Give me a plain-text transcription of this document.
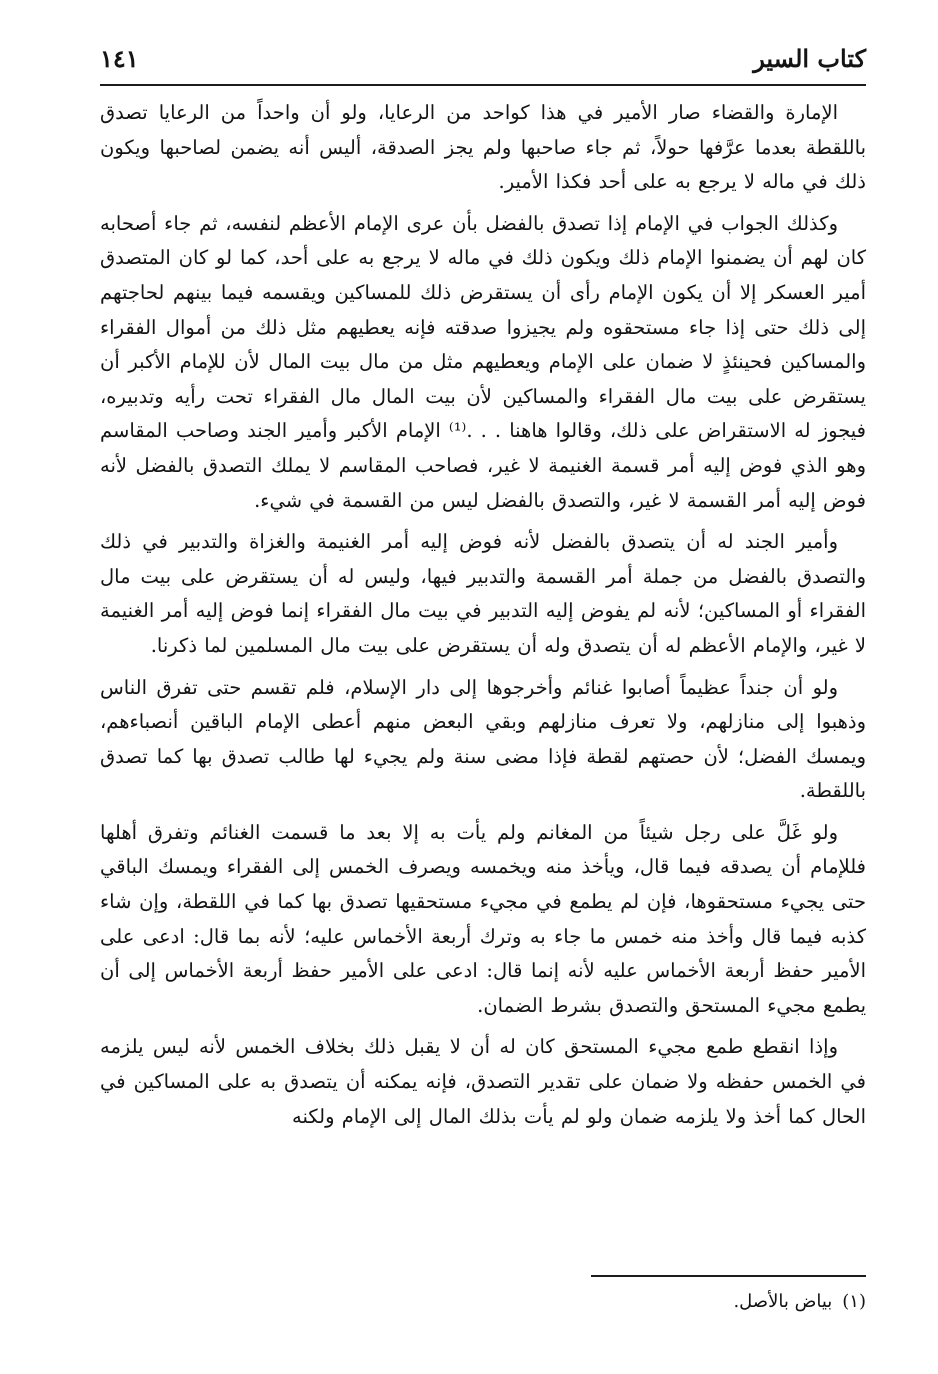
كتاب السير
١٤١

الإمارة والقضاء صار الأمير في هذا كواحد من الرعايا، ولو أن واحداً من الرعايا تصدق باللقطة بعدما عرَّفها حولاً، ثم جاء صاحبها ولم يجز الصدقة، أليس أنه يضمن لصاحبها ويكون ذلك في ماله لا يرجع به على أحد فكذا الأمير.

وكذلك الجواب في الإمام إذا تصدق بالفضل بأن عرى الإمام الأعظم لنفسه، ثم جاء أصحابه كان لهم أن يضمنوا الإمام ذلك ويكون ذلك في ماله لا يرجع به على أحد، كما لو كان المتصدق أمير العسكر إلا أن يكون الإمام رأى أن يستقرض ذلك للمساكين ويقسمه فيما بينهم لحاجتهم إلى ذلك حتى إذا جاء مستحقوه ولم يجيزوا صدقته فإنه يعطيهم مثل ذلك من أموال الفقراء والمساكين فحينئذٍ لا ضمان على الإمام ويعطيهم مثل من مال بيت المال لأن للإمام الأكبر أن يستقرض على بيت مال الفقراء والمساكين لأن بيت المال مال الفقراء تحت رأيه وتدبيره، فيجوز له الاستقراض على ذلك، وقالوا هاهنا . . .⁽¹⁾ الإمام الأكبر وأمير الجند وصاحب المقاسم وهو الذي فوض إليه أمر قسمة الغنيمة لا غير، فصاحب المقاسم لا يملك التصدق بالفضل لأنه فوض إليه أمر القسمة لا غير، والتصدق بالفضل ليس من القسمة في شيء.

وأمير الجند له أن يتصدق بالفضل لأنه فوض إليه أمر الغنيمة والغزاة والتدبير في ذلك والتصدق بالفضل من جملة أمر القسمة والتدبير فيها، وليس له أن يستقرض على بيت مال الفقراء أو المساكين؛ لأنه لم يفوض إليه التدبير في بيت مال الفقراء إنما فوض إليه أمر الغنيمة لا غير، والإمام الأعظم له أن يتصدق وله أن يستقرض على بيت مال المسلمين لما ذكرنا.

ولو أن جنداً عظيماً أصابوا غنائم وأخرجوها إلى دار الإسلام، فلم تقسم حتى تفرق الناس وذهبوا إلى منازلهم، ولا تعرف منازلهم وبقي البعض منهم أعطى الإمام الباقين أنصباءهم، ويمسك الفضل؛ لأن حصتهم لقطة فإذا مضى سنة ولم يجيء لها طالب تصدق بها كما تصدق باللقطة.

ولو غَلَّ على رجل شيئاً من المغانم ولم يأت به إلا بعد ما قسمت الغنائم وتفرق أهلها فللإمام أن يصدقه فيما قال، ويأخذ منه ويخمسه ويصرف الخمس إلى الفقراء ويمسك الباقي حتى يجيء مستحقوها، فإن لم يطمع في مجيء مستحقيها تصدق بها كما في اللقطة، وإن شاء كذبه فيما قال وأخذ منه خمس ما جاء به وترك أربعة الأخماس عليه؛ لأنه بما قال: ادعى على الأمير حفظ أربعة الأخماس عليه لأنه إنما قال: ادعى على الأمير حفظ أربعة الأخماس إلى أن يطمع مجيء المستحق والتصدق بشرط الضمان.

وإذا انقطع طمع مجيء المستحق كان له أن لا يقبل ذلك بخلاف الخمس لأنه ليس يلزمه في الخمس حفظه ولا ضمان على تقدير التصدق، فإنه يمكنه أن يتصدق به على المساكين في الحال كما أخذ ولا يلزمه ضمان ولو لم يأت بذلك المال إلى الإمام ولكنه

(١)بياض بالأصل.
